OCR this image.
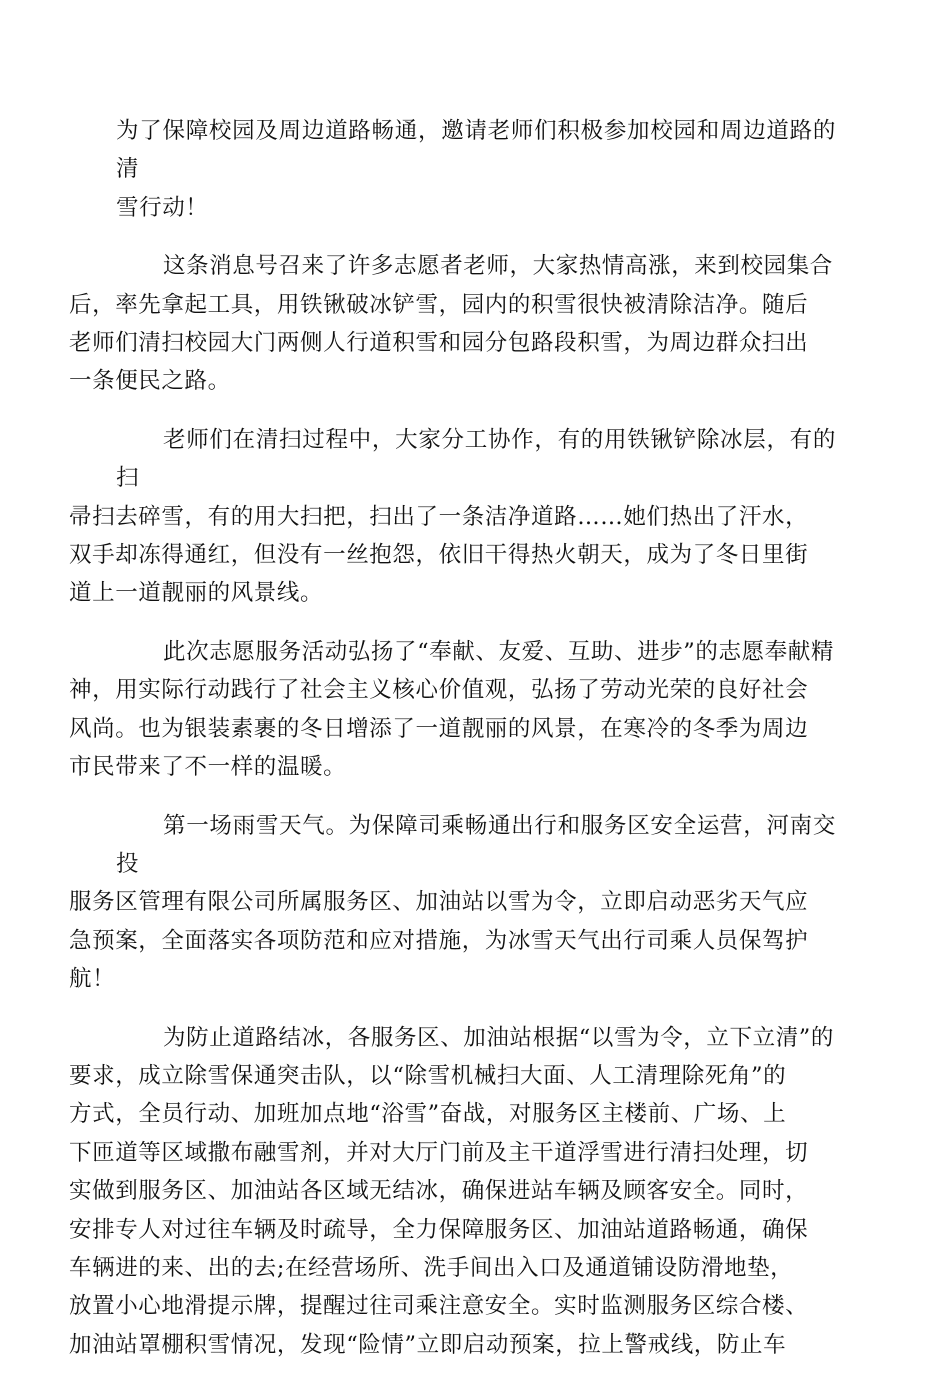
为了保障校园及周边道路畅通，邀请老师们积极参加校园和周边道路的清
雪行动！

这条消息号召来了许多志愿者老师，大家热情高涨，来到校园集合
后，率先拿起工具，用铁锹破冰铲雪，园内的积雪很快被清除洁净。随后
老师们清扫校园大门两侧人行道积雪和园分包路段积雪，为周边群众扫出
一条便民之路。

老师们在清扫过程中，大家分工协作，有的用铁锹铲除冰层，有的扫
帚扫去碎雪，有的用大扫把，扫出了一条洁净道路……她们热出了汗水，
双手却冻得通红，但没有一丝抱怨，依旧干得热火朝天，成为了冬日里街
道上一道靓丽的风景线。

此次志愿服务活动弘扬了“奉献、友爱、互助、进步”的志愿奉献精
神，用实际行动践行了社会主义核心价值观，弘扬了劳动光荣的良好社会
风尚。也为银装素裹的冬日增添了一道靓丽的风景，在寒冷的冬季为周边
市民带来了不一样的温暖。

第一场雨雪天气。为保障司乘畅通出行和服务区安全运营，河南交投
服务区管理有限公司所属服务区、加油站以雪为令，立即启动恶劣天气应
急预案，全面落实各项防范和应对措施，为冰雪天气出行司乘人员保驾护
航！

为防止道路结冰，各服务区、加油站根据“以雪为令，立下立清”的
要求，成立除雪保通突击队，以“除雪机械扫大面、人工清理除死角”的
方式，全员行动、加班加点地“浴雪”奋战，对服务区主楼前、广场、上
下匝道等区域撒布融雪剂，并对大厅门前及主干道浮雪进行清扫处理，切
实做到服务区、加油站各区域无结冰，确保进站车辆及顾客安全。同时，
安排专人对过往车辆及时疏导，全力保障服务区、加油站道路畅通，确保
车辆进的来、出的去;在经营场所、洗手间出入口及通道铺设防滑地垫，
放置小心地滑提示牌，提醒过往司乘注意安全。实时监测服务区综合楼、
加油站罩棚积雪情况，发现“险情”立即启动预案，拉上警戒线，防止车
